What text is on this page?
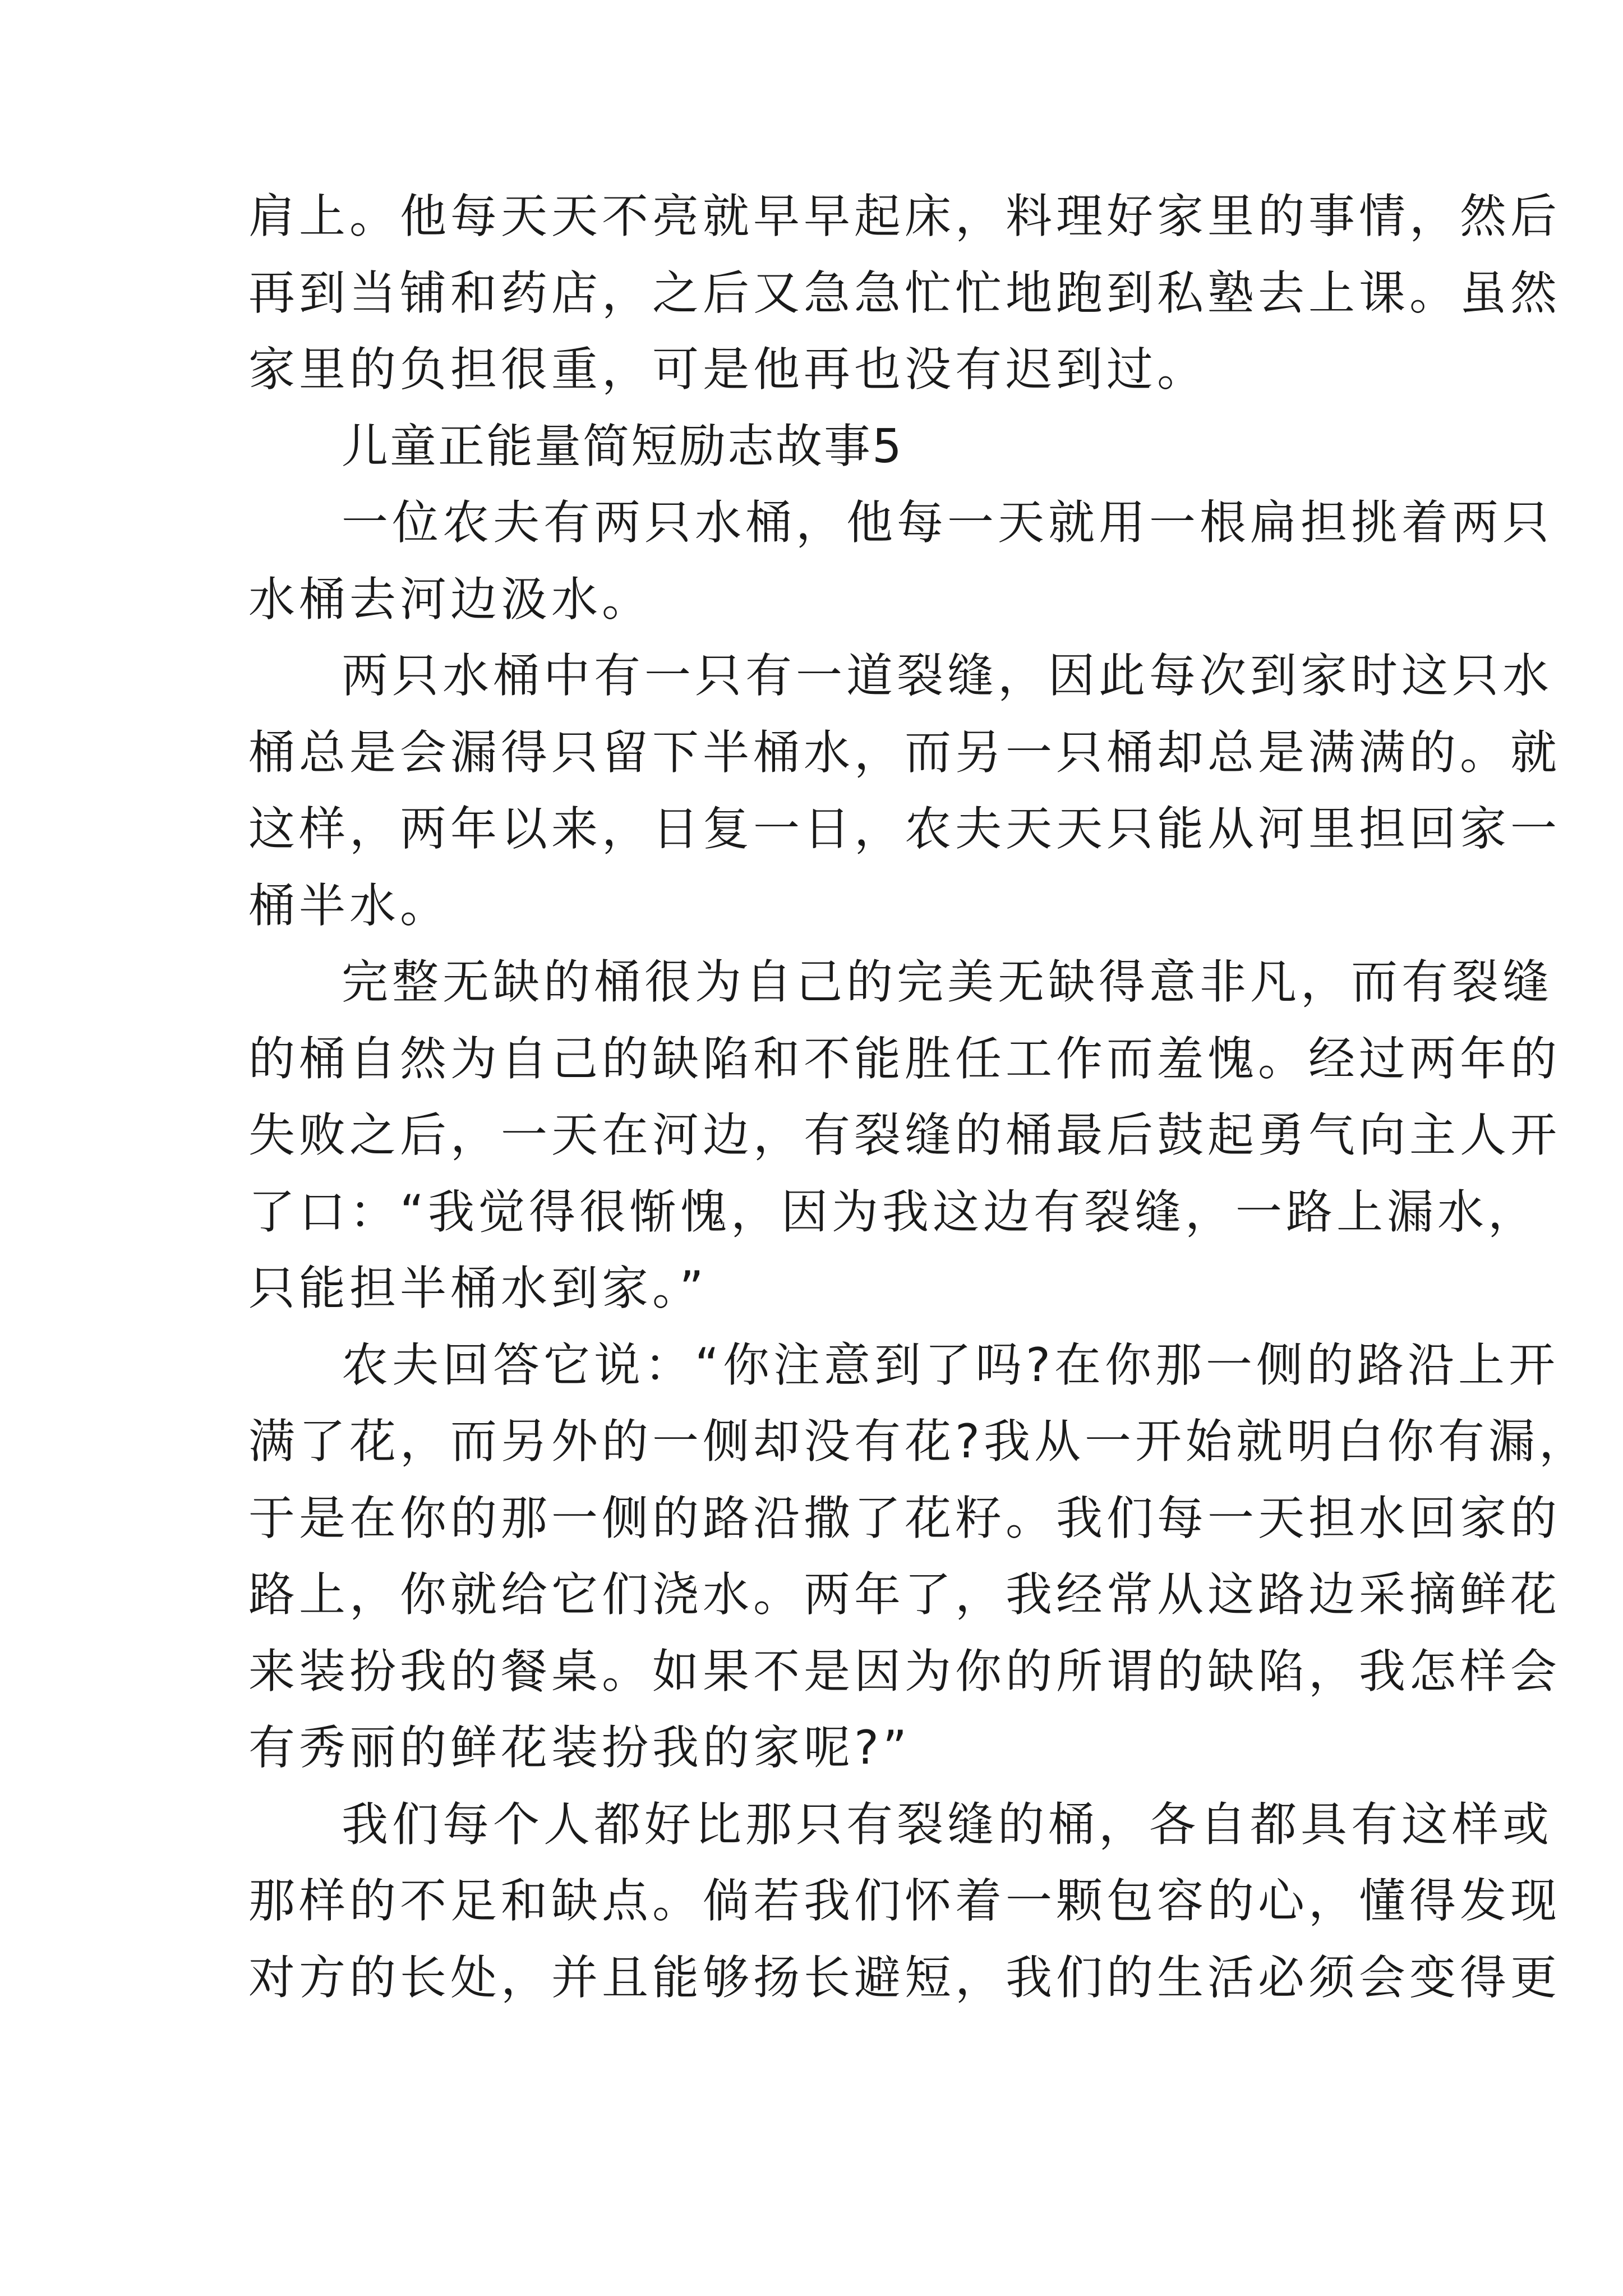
肩上。他每天天不亮就早早起床，料理好家里的事情，然后
再到当铺和药店，之后又急急忙忙地跑到私塾去上课。虽然
家里的负担很重，可是他再也没有迟到过。
儿童正能量简短励志故事5
一位农夫有两只水桶，他每一天就用一根扁担挑着两只
水桶去河边汲水。
两只水桶中有一只有一道裂缝，因此每次到家时这只水
桶总是会漏得只留下半桶水，而另一只桶却总是满满的。就
这样，两年以来，日复一日，农夫天天只能从河里担回家一
桶半水。
完整无缺的桶很为自己的完美无缺得意非凡，而有裂缝
的桶自然为自己的缺陷和不能胜任工作而羞愧。经过两年的
失败之后，一天在河边，有裂缝的桶最后鼓起勇气向主人开
了口：“我觉得很惭愧，因为我这边有裂缝，一路上漏水，
只能担半桶水到家。”
农夫回答它说：“你注意到了吗?在你那一侧的路沿上开
满了花，而另外的一侧却没有花?我从一开始就明白你有漏，
于是在你的那一侧的路沿撒了花籽。我们每一天担水回家的
路上，你就给它们浇水。两年了，我经常从这路边采摘鲜花
来装扮我的餐桌。如果不是因为你的所谓的缺陷，我怎样会
有秀丽的鲜花装扮我的家呢?”
我们每个人都好比那只有裂缝的桶，各自都具有这样或
那样的不足和缺点。倘若我们怀着一颗包容的心，懂得发现
对方的长处，并且能够扬长避短，我们的生活必须会变得更
